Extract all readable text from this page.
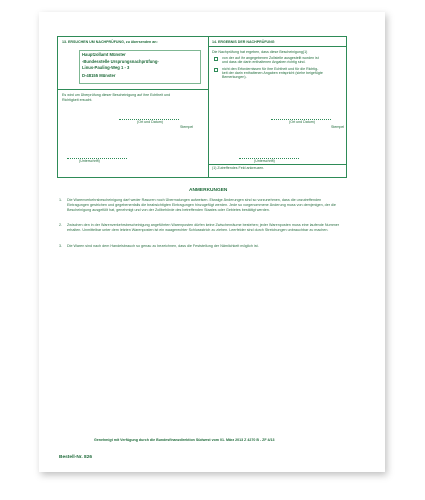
13. ERSUCHEN UM NACHPRÜFUNG, zu übersenden an:
Hauptzollamt Münster
-Bundesstelle Ursprungsnachprüfung-
Linus-Pauling-Weg 1 - 3
D-48155 Münster
Es wird um Überprüfung dieser Bescheinigung auf ihre Echtheit und
Richtigkeit ersucht.
(Ort und Datum)
Stempel
(Unterschrift)
14. ERGEBNIS DER NACHPRÜFUNG
Die Nachprüfung hat ergeben, dass diese Bescheinigung(1)
von der auf ihr angegebenen Zollstelle ausgestellt worden ist
und dass die darin enthaltenen Angaben richtig sind.
nicht den Erfordernissen für ihre Echtheit und für die Richtig-
keit der darin enthaltenen Angaben entspricht (siehe beigefügte
Bemerkungen).
(Ort und Datum)
Stempel
(Unterschrift)
(1) Zutreffendes Feld ankreuzen.
ANMERKUNGEN
1. Die Warenverkehrsbescheinigung darf weder Rasuren noch Übermalungen aufweisen. Etwaige Änderungen sind so vorzunehmen, dass die unzutreffenden Eintragungen gestrichen und gegebenenfalls die beabsichtigten Eintragungen hinzugefügt werden. Jede so vorgenommene Änderung muss von demjenigen, der die Bescheinigung ausgefüllt hat, genehmigt und von der Zollbehörde des betreffenden Staates oder Gebietes bestätigt werden.
2. Zwischen den in der Warenverkehrsbescheinigung angeführten Warenposten dürfen keine Zwischenräume bestehen; jeder Warenposten muss eine laufende Nummer erhalten. Unmittelbar unter dem letzten Warenposten ist ein waagerechter Schlussstrich zu ziehen. Leerfelder sind durch Streichungen unbrauchbar zu machen.
3. Die Waren sind nach dem Handelsbrauch so genau zu bezeichnen, dass die Feststellung der Nämlichkeit möglich ist.
Genehmigt mit Verfügung durch die Bundesfinanzdirektion Südwest vom 01. März 2013 Z 4270 B - ZF 4/13
Bestell-Nr. 826
